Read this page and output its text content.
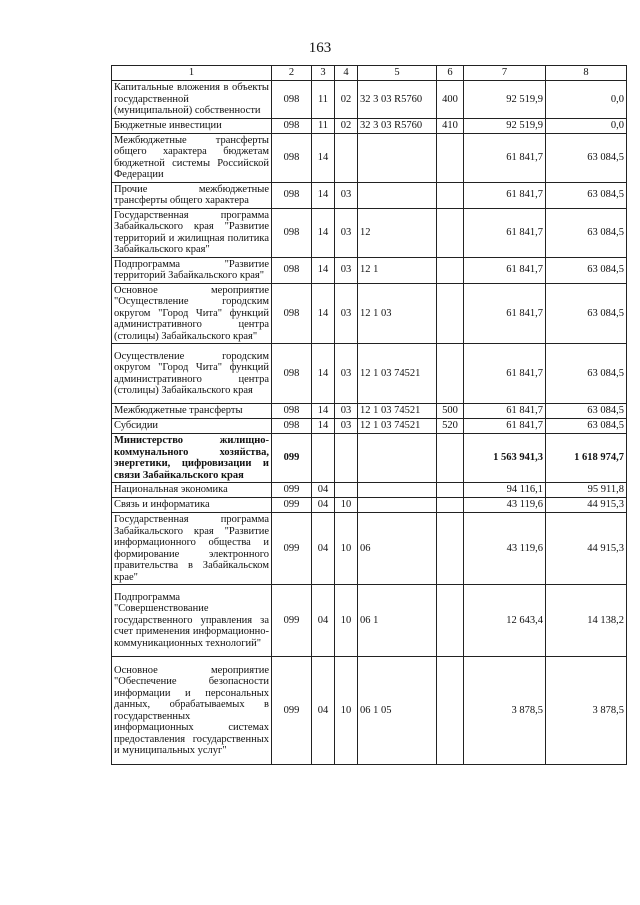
163
1	2	3	4	5	6	7	8
Капитальные вложения в объекты государственной (муниципальной) собственности	098	11	02	32 3 03 R5760	400	92 519,9	0,0
Бюджетные инвестиции	098	11	02	32 3 03 R5760	410	92 519,9	0,0
Межбюджетные трансферты общего характера бюджетам бюджетной системы Российской Федерации	098	14				61 841,7	63 084,5
Прочие межбюджетные трансферты общего характера	098	14	03			61 841,7	63 084,5
Государственная программа Забайкальского края "Развитие территорий и жилищная политика Забайкальского края"	098	14	03	12		61 841,7	63 084,5
Подпрограмма "Развитие территорий Забайкальского края"	098	14	03	12 1		61 841,7	63 084,5
Основное мероприятие "Осуществление городским округом "Город Чита" функций административного центра (столицы) Забайкальского края"	098	14	03	12 1 03		61 841,7	63 084,5
Осуществление городским округом "Город Чита" функций административного центра (столицы) Забайкальского края	098	14	03	12 1 03 74521		61 841,7	63 084,5
Межбюджетные трансферты	098	14	03	12 1 03 74521	500	61 841,7	63 084,5
Субсидии	098	14	03	12 1 03 74521	520	61 841,7	63 084,5
Министерство жилищно-коммунального хозяйства, энергетики, цифровизации и связи Забайкальского края	099					1 563 941,3	1 618 974,7
Национальная экономика	099	04				94 116,1	95 911,8
Связь и информатика	099	04	10			43 119,6	44 915,3
Государственная программа Забайкальского края "Развитие информационного общества и формирование электронного правительства в Забайкальском крае"	099	04	10	06		43 119,6	44 915,3
Подпрограмма "Совершенствование государственного управления за счет применения информационно-коммуникационных технологий"	099	04	10	06 1		12 643,4	14 138,2
Основное мероприятие "Обеспечение безопасности информации и персональных данных, обрабатываемых в государственных информационных системах предоставления государственных и муниципальных услуг"	099	04	10	06 1 05		3 878,5	3 878,5
